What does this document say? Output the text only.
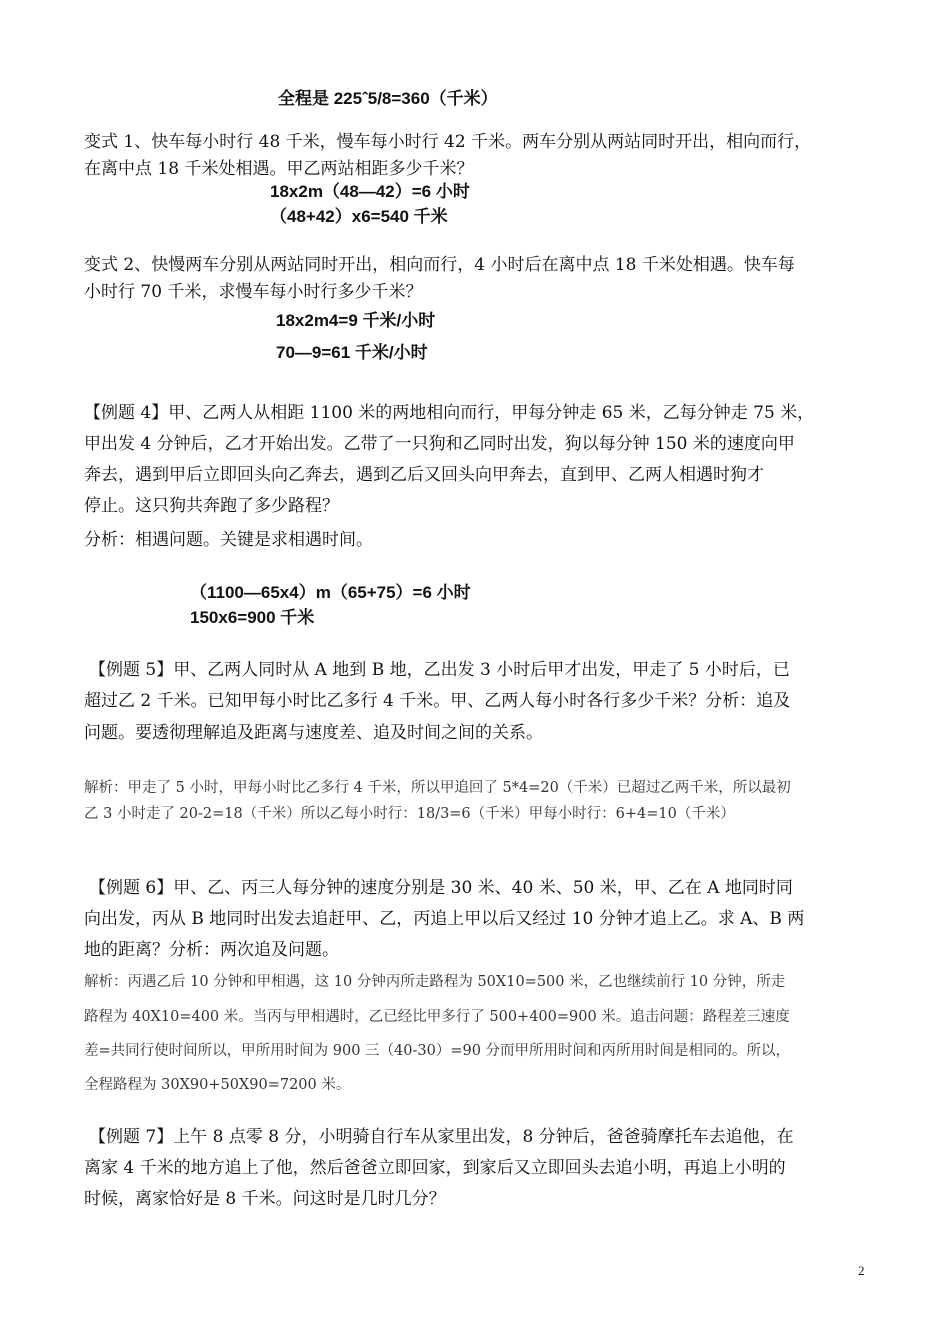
全程是 225ˆ5/8=360（千米）
变式 1、快车每小时行 48 千米，慢车每小时行 42 千米。两车分别从两站同时开出，相向而行，
在离中点 18 千米处相遇。甲乙两站相距多少千米？
18x2m（48—42）=6 小时
（48+42）x6=540 千米
变式 2、快慢两车分别从两站同时开出，相向而行，4 小时后在离中点 18 千米处相遇。快车每
小时行 70 千米，求慢车每小时行多少千米？
18x2m4=9 千米/小时
70—9=61 千米/小时
【例题 4】甲、乙两人从相距 1100 米的两地相向而行，甲每分钟走 65 米，乙每分钟走 75 米，
甲出发 4 分钟后，乙才开始出发。乙带了一只狗和乙同时出发，狗以每分钟 150 米的速度向甲
奔去，遇到甲后立即回头向乙奔去，遇到乙后又回头向甲奔去，直到甲、乙两人相遇时狗才
停止。这只狗共奔跑了多少路程？
分析：相遇问题。关键是求相遇时间。
（1100—65x4）m（65+75）=6 小时
150x6=900 千米
【例题 5】甲、乙两人同时从 A 地到 B 地，乙出发 3 小时后甲才出发，甲走了 5 小时后，已
超过乙 2 千米。已知甲每小时比乙多行 4 千米。甲、乙两人每小时各行多少千米？分析：追及
问题。要透彻理解追及距离与速度差、追及时间之间的关系。
解析：甲走了 5 小时，甲每小时比乙多行 4 千米，所以甲追回了 5*4=20（千米）已超过乙两千米，所以最初
乙 3 小时走了 20-2=18（千米）所以乙每小时行：18/3=6（千米）甲每小时行：6+4=10（千米）
【例题 6】甲、乙、丙三人每分钟的速度分别是 30 米、40 米、50 米，甲、乙在 A 地同时同
向出发，丙从 B 地同时出发去追赶甲、乙，丙追上甲以后又经过 10 分钟才追上乙。求 A、B 两
地的距离？分析：两次追及问题。
解析：丙遇乙后 10 分钟和甲相遇，这 10 分钟丙所走路程为 50X10=500 米，乙也继续前行 10 分钟，所走
路程为 40X10=400 米。当丙与甲相遇时，乙已经比甲多行了 500+400=900 米。追击问题：路程差三速度
差=共同行使时间所以，甲所用时间为 900 三（40-30）=90 分而甲所用时间和丙所用时间是相同的。所以，
全程路程为 30X90+50X90=7200 米。
【例题 7】上午 8 点零 8 分，小明骑自行车从家里出发，8 分钟后，爸爸骑摩托车去追他，在
离家 4 千米的地方追上了他，然后爸爸立即回家，到家后又立即回头去追小明，再追上小明的
时候，离家恰好是 8 千米。问这时是几时几分？
2
